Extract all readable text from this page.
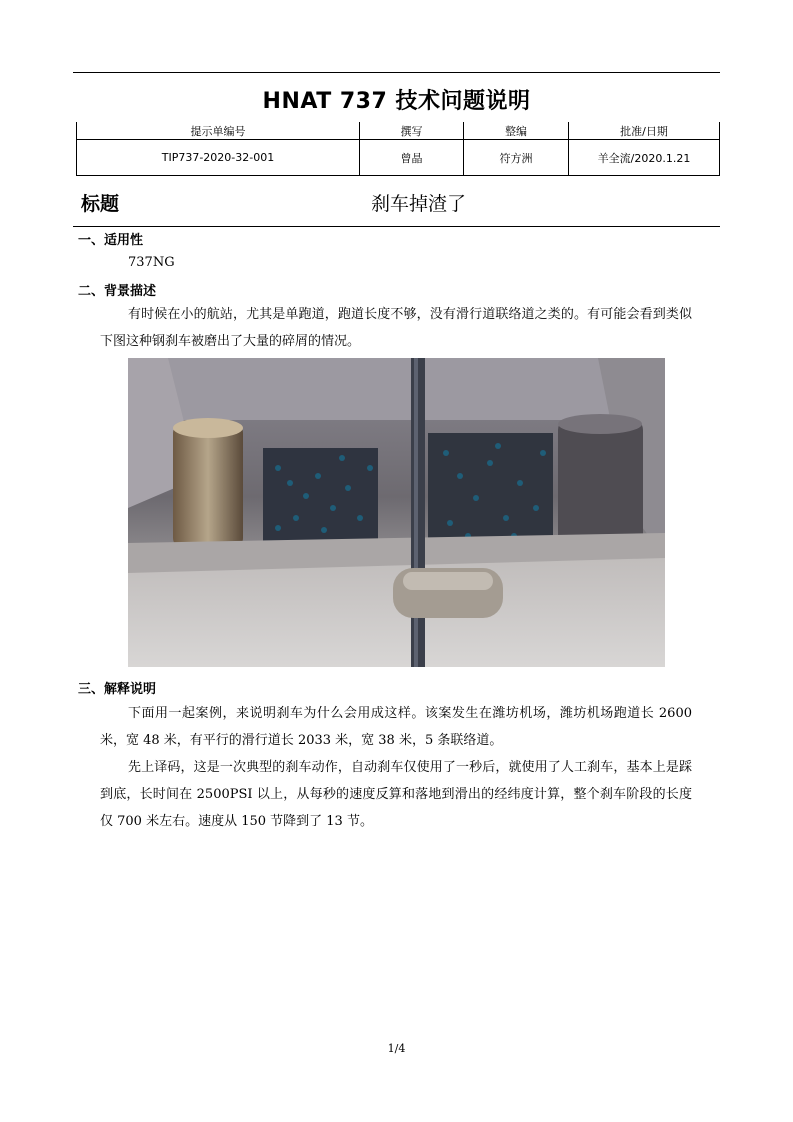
HNAT 737 技术问题说明
提示单编号	撰写	整编	批准/日期
TIP737-2020-32-001	曾晶	符方洲	羊全流/2020.1.21
标题	刹车掉渣了
一、适用性
737NG
二、背景描述
有时候在小的航站，尤其是单跑道，跑道长度不够，没有滑行道联络道之类的。有可能会看到类似下图这种钢刹车被磨出了大量的碎屑的情况。
三、解释说明
下面用一起案例，来说明刹车为什么会用成这样。该案发生在潍坊机场，潍坊机场跑道长 2600 米，宽 48 米，有平行的滑行道长 2033 米，宽 38 米，5 条联络道。
先上译码，这是一次典型的刹车动作，自动刹车仅使用了一秒后，就使用了人工刹车，基本上是踩到底，长时间在 2500PSI 以上，从每秒的速度反算和落地到滑出的经纬度计算，整个刹车阶段的长度仅 700 米左右。速度从 150 节降到了 13 节。
1/4
